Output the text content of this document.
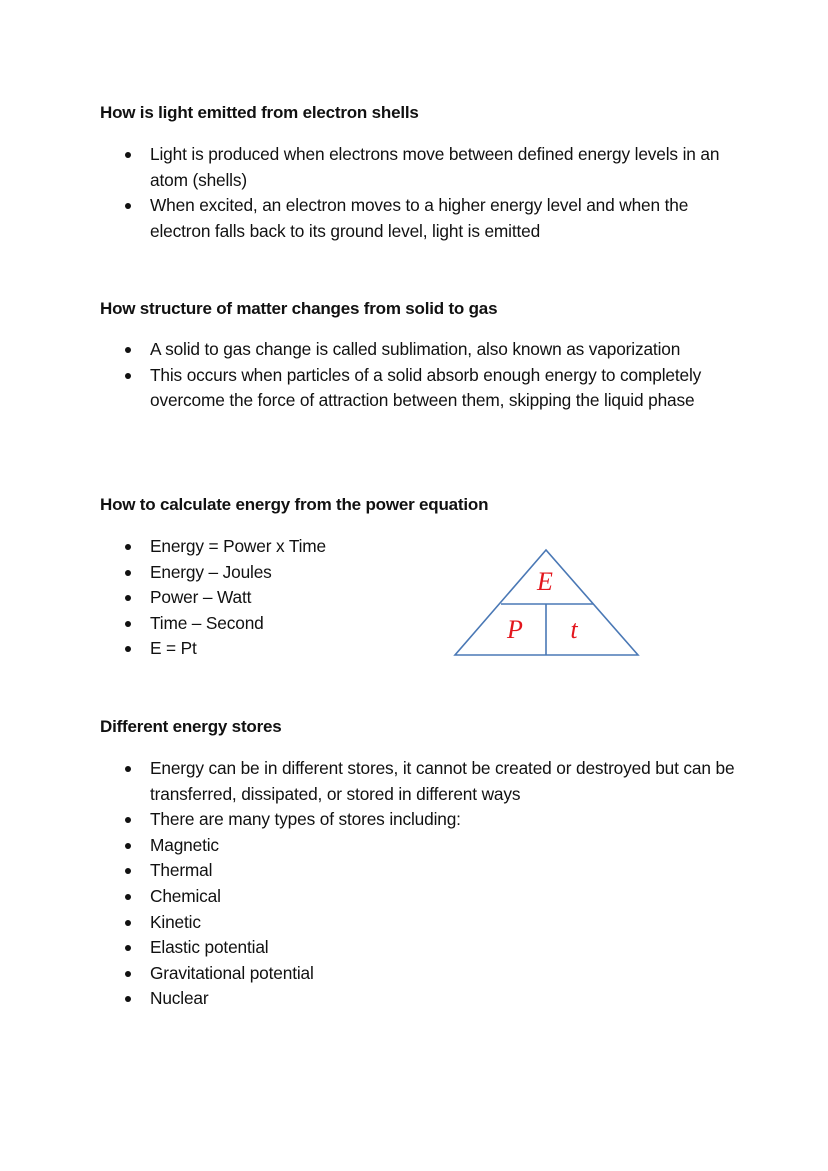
How is light emitted from electron shells
Light is produced when electrons move between defined energy levels in an atom (shells)
When excited, an electron moves to a higher energy level and when the electron falls back to its ground level, light is emitted
How structure of matter changes from solid to gas
A solid to gas change is called sublimation, also known as vaporization
This occurs when particles of a solid absorb enough energy to completely overcome the force of attraction between them, skipping the liquid phase
How to calculate energy from the power equation
Energy = Power x Time
Energy – Joules
Power – Watt
Time – Second
E = Pt
E
P t
Different energy stores
Energy can be in different stores, it cannot be created or destroyed but can be transferred, dissipated, or stored in different ways
There are many types of stores including:
Magnetic
Thermal
Chemical
Kinetic
Elastic potential
Gravitational potential
Nuclear
